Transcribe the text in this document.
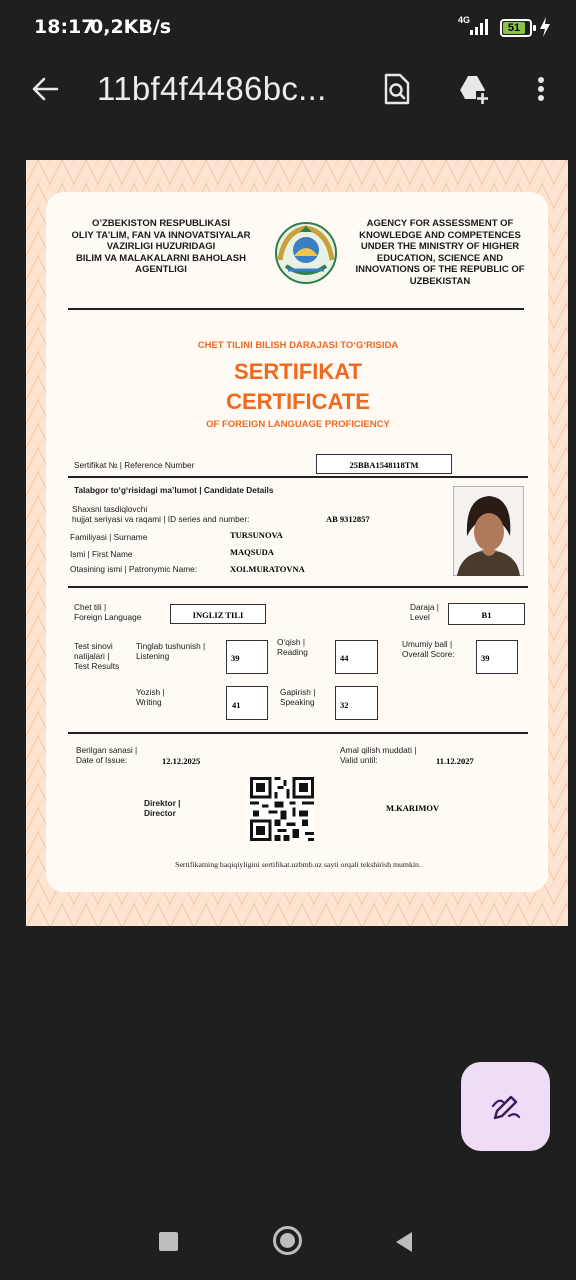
18:17
0,2KB/s	4G
51
11bf4f4486bc...
O’ZBEKISTON RESPUBLIKASI
OLIY TA’LIM, FAN VA INNOVATSIYALAR
VAZIRLIGI HUZURIDAGI
BILIM VA MALAKALARNI BAHOLASH
AGENTLIGI
AGENCY FOR ASSESSMENT OF
KNOWLEDGE AND COMPETENCES
UNDER THE MINISTRY OF HIGHER
EDUCATION, SCIENCE AND
INNOVATIONS OF THE REPUBLIC OF
UZBEKISTAN
CHET TILINI BILISH DARAJASI TO‘G‘RISIDA
SERTIFIKAT
CERTIFICATE
OF FOREIGN LANGUAGE PROFICIENCY
Sertifikat № | Reference Number	25BBA1548118TM
Talabgor to‘g‘risidagi ma’lumot | Candidate Details
Shaxsni tasdiqlovchi
hujjat seriyasi va raqami | ID series and number:	AB 9312857
Familiyasi | Surname	TURSUNOVA
Ismi | First Name	MAQSUDA
Otasining ismi | Patronymic Name:	XOLMURATOVNA
Chet tili |
Foreign Language	INGLIZ TILI
Daraja |
Level	B1
Test sinovi
natijalari |
Test Results
Tinglab tushunish |
Listening	39
O‘qish |
Reading
44
Umumiy ball |
Overall Score:	39
Yozish |
Writing	41
Gapirish |
Speaking	32
Berilgan sanasi |
Date of Issue:	12.12.2025
Amal qilish muddati |
Valid until:	11.12.2027
Direktor |
Director	M.KARIMOV
Sertifikatning haqiqiyligini sertifikat.uzbmb.uz sayti orqali tekshirish mumkin.
